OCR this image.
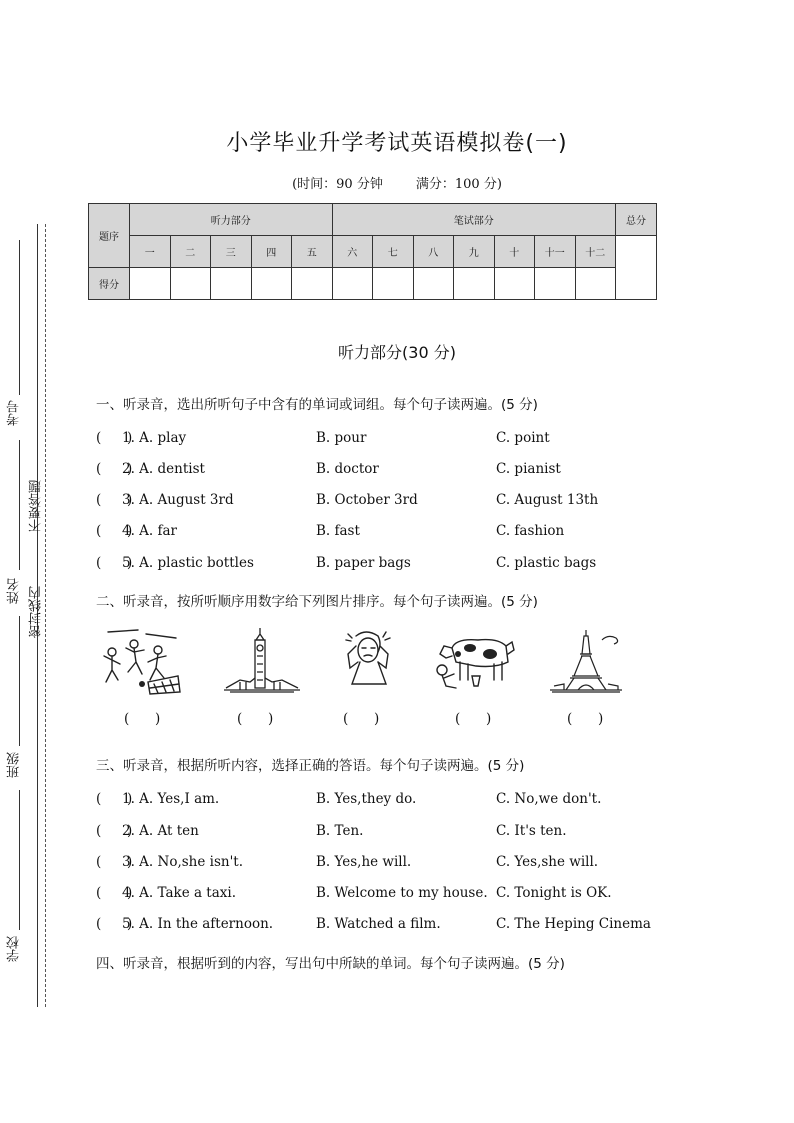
考号
不要答题
姓名 密封线内
班级
学校
小学毕业升学考试英语模拟卷(一)
(时间：90 分钟        满分：100 分)
题序	听力部分					笔试部分							总分
	一	二	三	四	五	六	七	八	九	十	十一	十二	
得分													
听力部分(30 分)
一、听录音，选出所听句子中含有的单词或词组。每个句子读两遍。(5 分)
(      )
1. A. play	B. pour	C. point
(      )
2. A. dentist	B. doctor	C. pianist
(      )
3. A. August 3rd	B. October 3rd	C. August 13th
(      )
4. A. far	B. fast	C. fashion
(      )
5. A. plastic bottles	B. paper bags	C. plastic bags
二、听录音，按所听顺序用数字给下列图片排序。每个句子读两遍。(5 分)
(      )	(      )	(      )	(      )	(      )
三、听录音，根据所听内容，选择正确的答语。每个句子读两遍。(5 分)
(      )
1. A. Yes,I am.	B. Yes,they do.	C. No,we don't.
(      )
2. A. At ten	B. Ten.	C. It's ten.
(      )
3. A. No,she isn't.	B. Yes,he will.	C. Yes,she will.
(      )
4. A. Take a taxi.	B. Welcome to my house. C. Tonight is OK.
(      )
5. A. In the afternoon.	B. Watched a film.	C. The Heping Cinema
四、听录音，根据听到的内容，写出句中所缺的单词。每个句子读两遍。(5 分)
